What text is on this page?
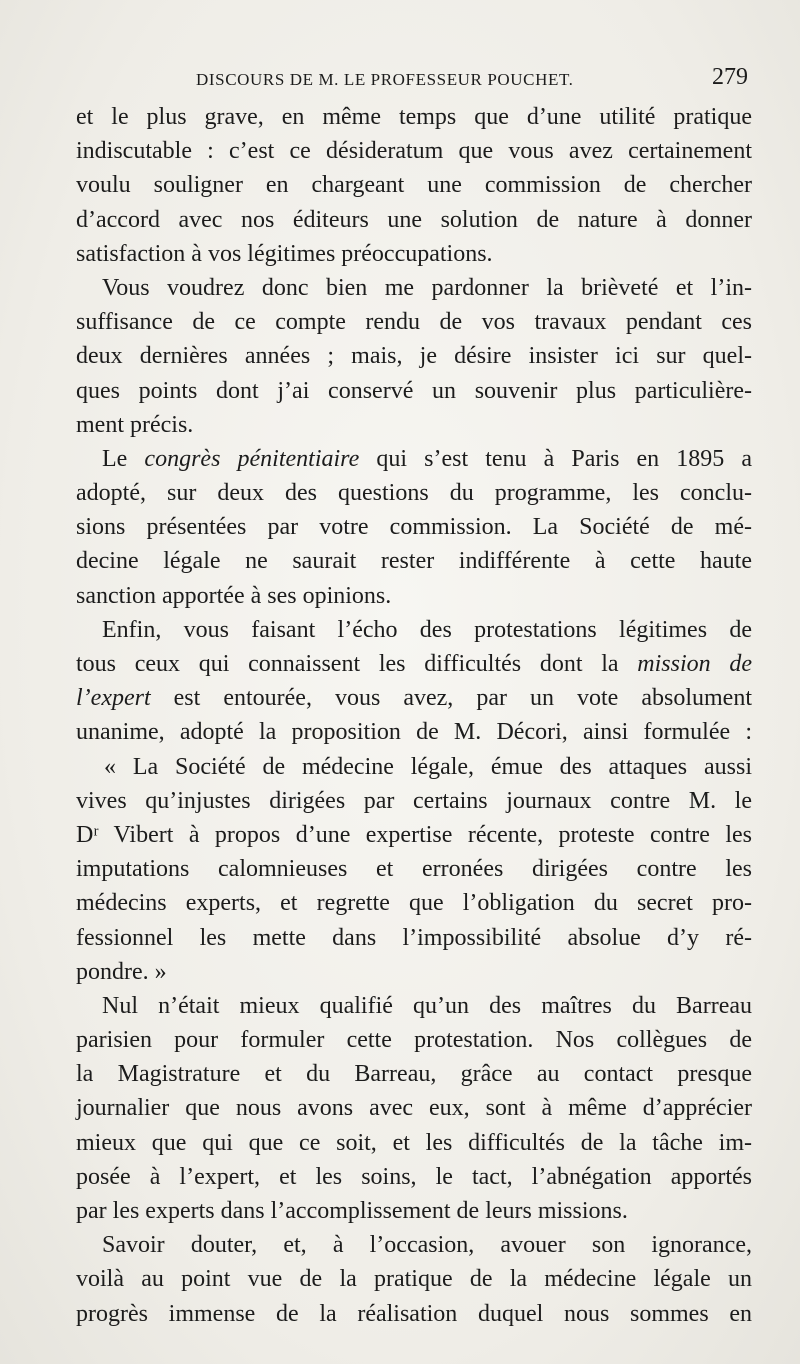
DISCOURS DE M. LE PROFESSEUR POUCHET.	279
et le plus grave, en même temps que d’une utilité pratique
indiscutable : c’est ce désideratum que vous avez certainement
voulu souligner en chargeant une commission de chercher
d’accord avec nos éditeurs une solution de nature à donner
satisfaction à vos légitimes préoccupations.
Vous voudrez donc bien me pardonner la brièveté et l’in-
suffisance de ce compte rendu de vos travaux pendant ces
deux dernières années ; mais, je désire insister ici sur quel-
ques points dont j’ai conservé un souvenir plus particulière-
ment précis.
Le congrès pénitentiaire qui s’est tenu à Paris en 1895 a
adopté, sur deux des questions du programme, les conclu-
sions présentées par votre commission. La Société de mé-
decine légale ne saurait rester indifférente à cette haute
sanction apportée à ses opinions.
Enfin, vous faisant l’écho des protestations légitimes de
tous ceux qui connaissent les difficultés dont la mission de
l’expert est entourée, vous avez, par un vote absolument
unanime, adopté la proposition de M. Décori, ainsi formulée :
« La Société de médecine légale, émue des attaques aussi
vives qu’injustes dirigées par certains journaux contre M. le
Dʳ Vibert à propos d’une expertise récente, proteste contre les
imputations calomnieuses et erronées dirigées contre les
médecins experts, et regrette que l’obligation du secret pro-
fessionnel les mette dans l’impossibilité absolue d’y ré-
pondre. »
Nul n’était mieux qualifié qu’un des maîtres du Barreau
parisien pour formuler cette protestation. Nos collègues de
la Magistrature et du Barreau, grâce au contact presque
journalier que nous avons avec eux, sont à même d’apprécier
mieux que qui que ce soit, et les difficultés de la tâche im-
posée à l’expert, et les soins, le tact, l’abnégation apportés
par les experts dans l’accomplissement de leurs missions.
Savoir douter, et, à l’occasion, avouer son ignorance,
voilà au point vue de la pratique de la médecine légale un
progrès immense de la réalisation duquel nous sommes en
